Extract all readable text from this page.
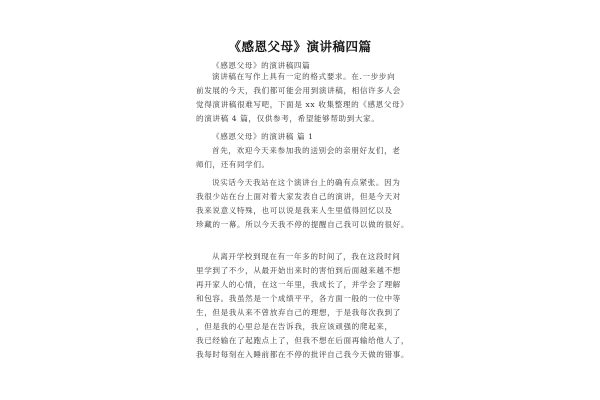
《感恩父母》演讲稿四篇
《感恩父母》的演讲稿四篇
演讲稿在写作上具有一定的格式要求。在.一步步向
前发展的今天，我们都可能会用到演讲稿，相信许多人会
觉得演讲稿很难写吧，下面是 xx 收集整理的《感恩父母》
的演讲稿 4 篇，仅供参考，希望能够帮助到大家。
《感恩父母》的演讲稿 篇 1
首先，欢迎今天来参加我的送别会的亲朋好友们，老
师们，还有同学们。
说实话今天我站在这个演讲台上的确有点紧张。因为
我很少站在台上面对着大家发表自己的演讲，但是今天对
我来说意义特殊，也可以说是我来人生里值得回忆以及
珍藏的一幕。所以今天我不停的提醒自己我可以做的很好。
从离开学校到现在有一年多的时间了，我在这段时间
里学到了不少，从最开始出来时的害怕到后面越来越不想
再开家人的心情，在这一年里，我成长了，并学会了理解
和包容。我虽然是一个成绩平平，各方面一般的一位中等
生，但是我从来不曾放弃自己的理想，于是我每次我到了
，但是我的心里总是在告诉我，我应该顽强的爬起来，
我已经输在了起跑点上了，但我不想在后面再输给他人了，
我每时每刻在入睡前都在不停的批评自己我今天做的错事。
